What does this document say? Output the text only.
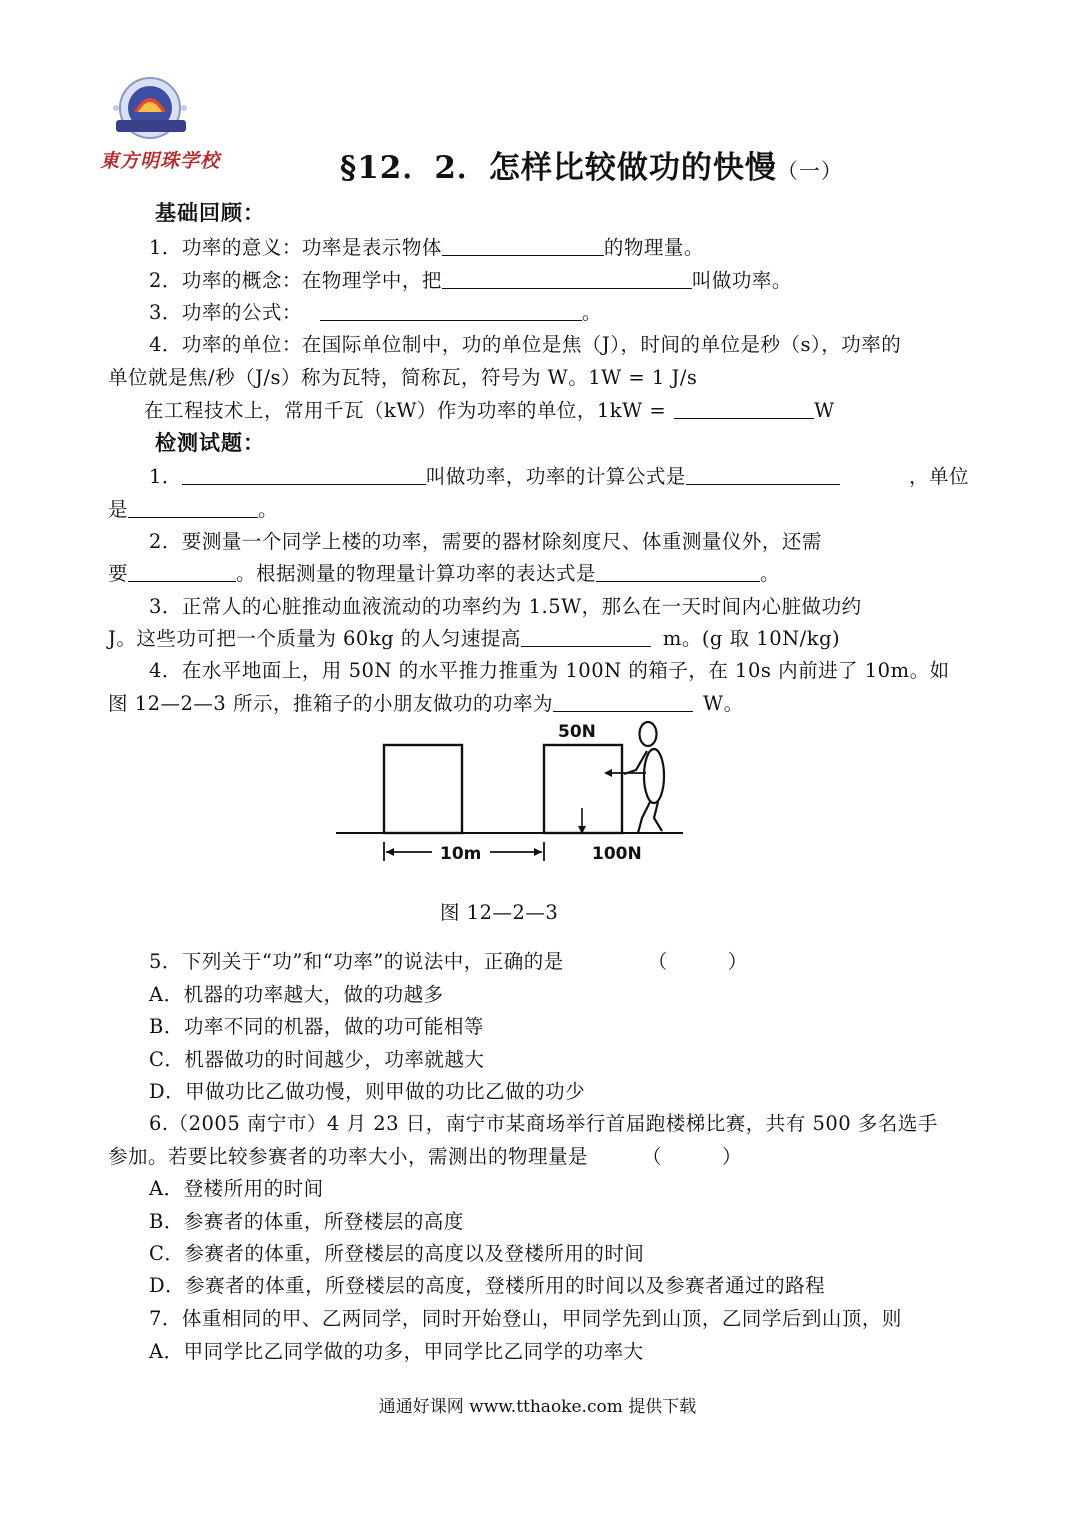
東方明珠学校	§12．2．怎样比较做功的快慢（一）
基础回顾：
1．功率的意义：功率是表示物体	的物理量。
2．功率的概念：在物理学中，把	叫做功率。
3．功率的公式：	。
4．功率的单位：在国际单位制中，功的单位是焦（J），时间的单位是秒（s），功率的
单位就是焦/秒（J/s）称为瓦特，简称瓦，符号为 W。1W = 1 J/s
在工程技术上，常用千瓦（kW）作为功率的单位，1kW =	W
检测试题：
1．	叫做功率，功率的计算公式是	，单位
是	。
2．要测量一个同学上楼的功率，需要的器材除刻度尺、体重测量仪外，还需
要	。根据测量的物理量计算功率的表达式是	。
3．正常人的心脏推动血液流动的功率约为 1.5W，那么在一天时间内心脏做功约
J。这些功可把一个质量为 60kg 的人匀速提高	m。(g 取 10N/kg)
4．在水平地面上，用 50N 的水平推力推重为 100N 的箱子，在 10s 内前进了 10m。如
图 12—2—3 所示，推箱子的小朋友做功的功率为	W。
50N
10m	100N
图 12—2—3
5．下列关于“功”和“功率”的说法中，正确的是	（　　　）
A．机器的功率越大，做的功越多
B．功率不同的机器，做的功可能相等
C．机器做功的时间越少，功率就越大
D．甲做功比乙做功慢，则甲做的功比乙做的功少
6.（2005 南宁市）4 月 23 日，南宁市某商场举行首届跑楼梯比赛，共有 500 多名选手
参加。若要比较参赛者的功率大小，需测出的物理量是	（　　　）
A．登楼所用的时间
B．参赛者的体重，所登楼层的高度
C．参赛者的体重，所登楼层的高度以及登楼所用的时间
D．参赛者的体重，所登楼层的高度，登楼所用的时间以及参赛者通过的路程
7．体重相同的甲、乙两同学，同时开始登山，甲同学先到山顶，乙同学后到山顶，则
A．甲同学比乙同学做的功多，甲同学比乙同学的功率大
通通好课网 www.tthaoke.com 提供下载
